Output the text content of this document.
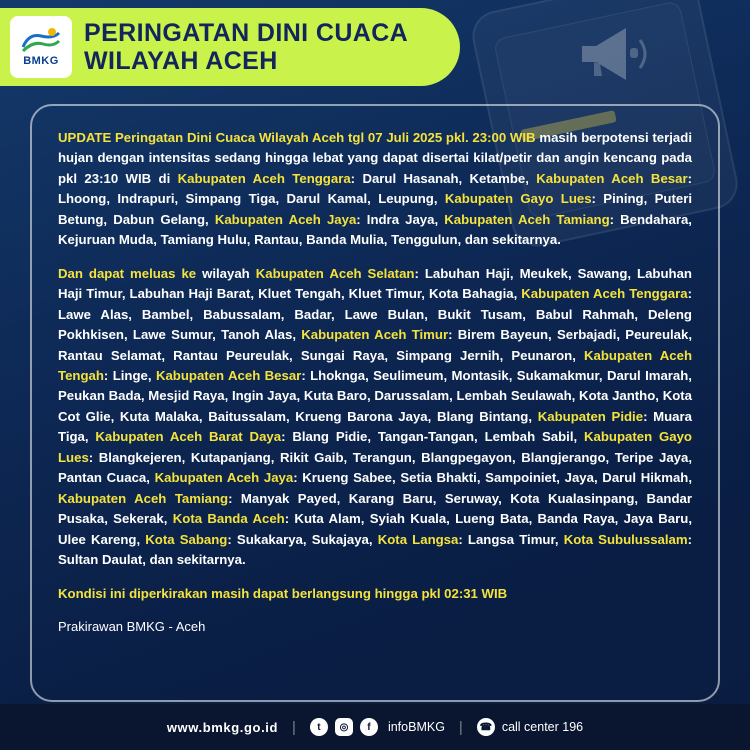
BMKG
PERINGATAN DINI CUACA
WILAYAH ACEH

UPDATE Peringatan Dini Cuaca Wilayah Aceh tgl 07 Juli 2025 pkl. 23:00 WIB masih berpotensi terjadi hujan dengan intensitas sedang hingga lebat yang dapat disertai kilat/petir dan angin kencang pada pkl 23:10 WIB di Kabupaten Aceh Tenggara: Darul Hasanah, Ketambe, Kabupaten Aceh Besar: Lhoong, Indrapuri, Simpang Tiga, Darul Kamal, Leupung, Kabupaten Gayo Lues: Pining, Puteri Betung, Dabun Gelang, Kabupaten Aceh Jaya: Indra Jaya, Kabupaten Aceh Tamiang: Bendahara, Kejuruan Muda, Tamiang Hulu, Rantau, Banda Mulia, Tenggulun, dan sekitarnya.

Dan dapat meluas ke wilayah Kabupaten Aceh Selatan: Labuhan Haji, Meukek, Sawang, Labuhan Haji Timur, Labuhan Haji Barat, Kluet Tengah, Kluet Timur, Kota Bahagia, Kabupaten Aceh Tenggara: Lawe Alas, Bambel, Babussalam, Badar, Lawe Bulan, Bukit Tusam, Babul Rahmah, Deleng Pokhkisen, Lawe Sumur, Tanoh Alas, Kabupaten Aceh Timur: Birem Bayeun, Serbajadi, Peureulak, Rantau Selamat, Rantau Peureulak, Sungai Raya, Simpang Jernih, Peunaron, Kabupaten Aceh Tengah: Linge, Kabupaten Aceh Besar: Lhoknga, Seulimeum, Montasik, Sukamakmur, Darul Imarah, Peukan Bada, Mesjid Raya, Ingin Jaya, Kuta Baro, Darussalam, Lembah Seulawah, Kota Jantho, Kota Cot Glie, Kuta Malaka, Baitussalam, Krueng Barona Jaya, Blang Bintang, Kabupaten Pidie: Muara Tiga, Kabupaten Aceh Barat Daya: Blang Pidie, Tangan-Tangan, Lembah Sabil, Kabupaten Gayo Lues: Blangkejeren, Kutapanjang, Rikit Gaib, Terangun, Blangpegayon, Blangjerango, Teripe Jaya, Pantan Cuaca, Kabupaten Aceh Jaya: Krueng Sabee, Setia Bhakti, Sampoiniet, Jaya, Darul Hikmah, Kabupaten Aceh Tamiang: Manyak Payed, Karang Baru, Seruway, Kota Kualasinpang, Bandar Pusaka, Sekerak, Kota Banda Aceh: Kuta Alam, Syiah Kuala, Lueng Bata, Banda Raya, Jaya Baru, Ulee Kareng, Kota Sabang: Sukakarya, Sukajaya, Kota Langsa: Langsa Timur, Kota Subulussalam: Sultan Daulat, dan sekitarnya.

Kondisi ini diperkirakan masih dapat berlangsung hingga pkl 02:31 WIB

Prakirawan BMKG - Aceh

www.bmkg.go.id |	t	◎	f	infoBMKG | ☎ call center 196
